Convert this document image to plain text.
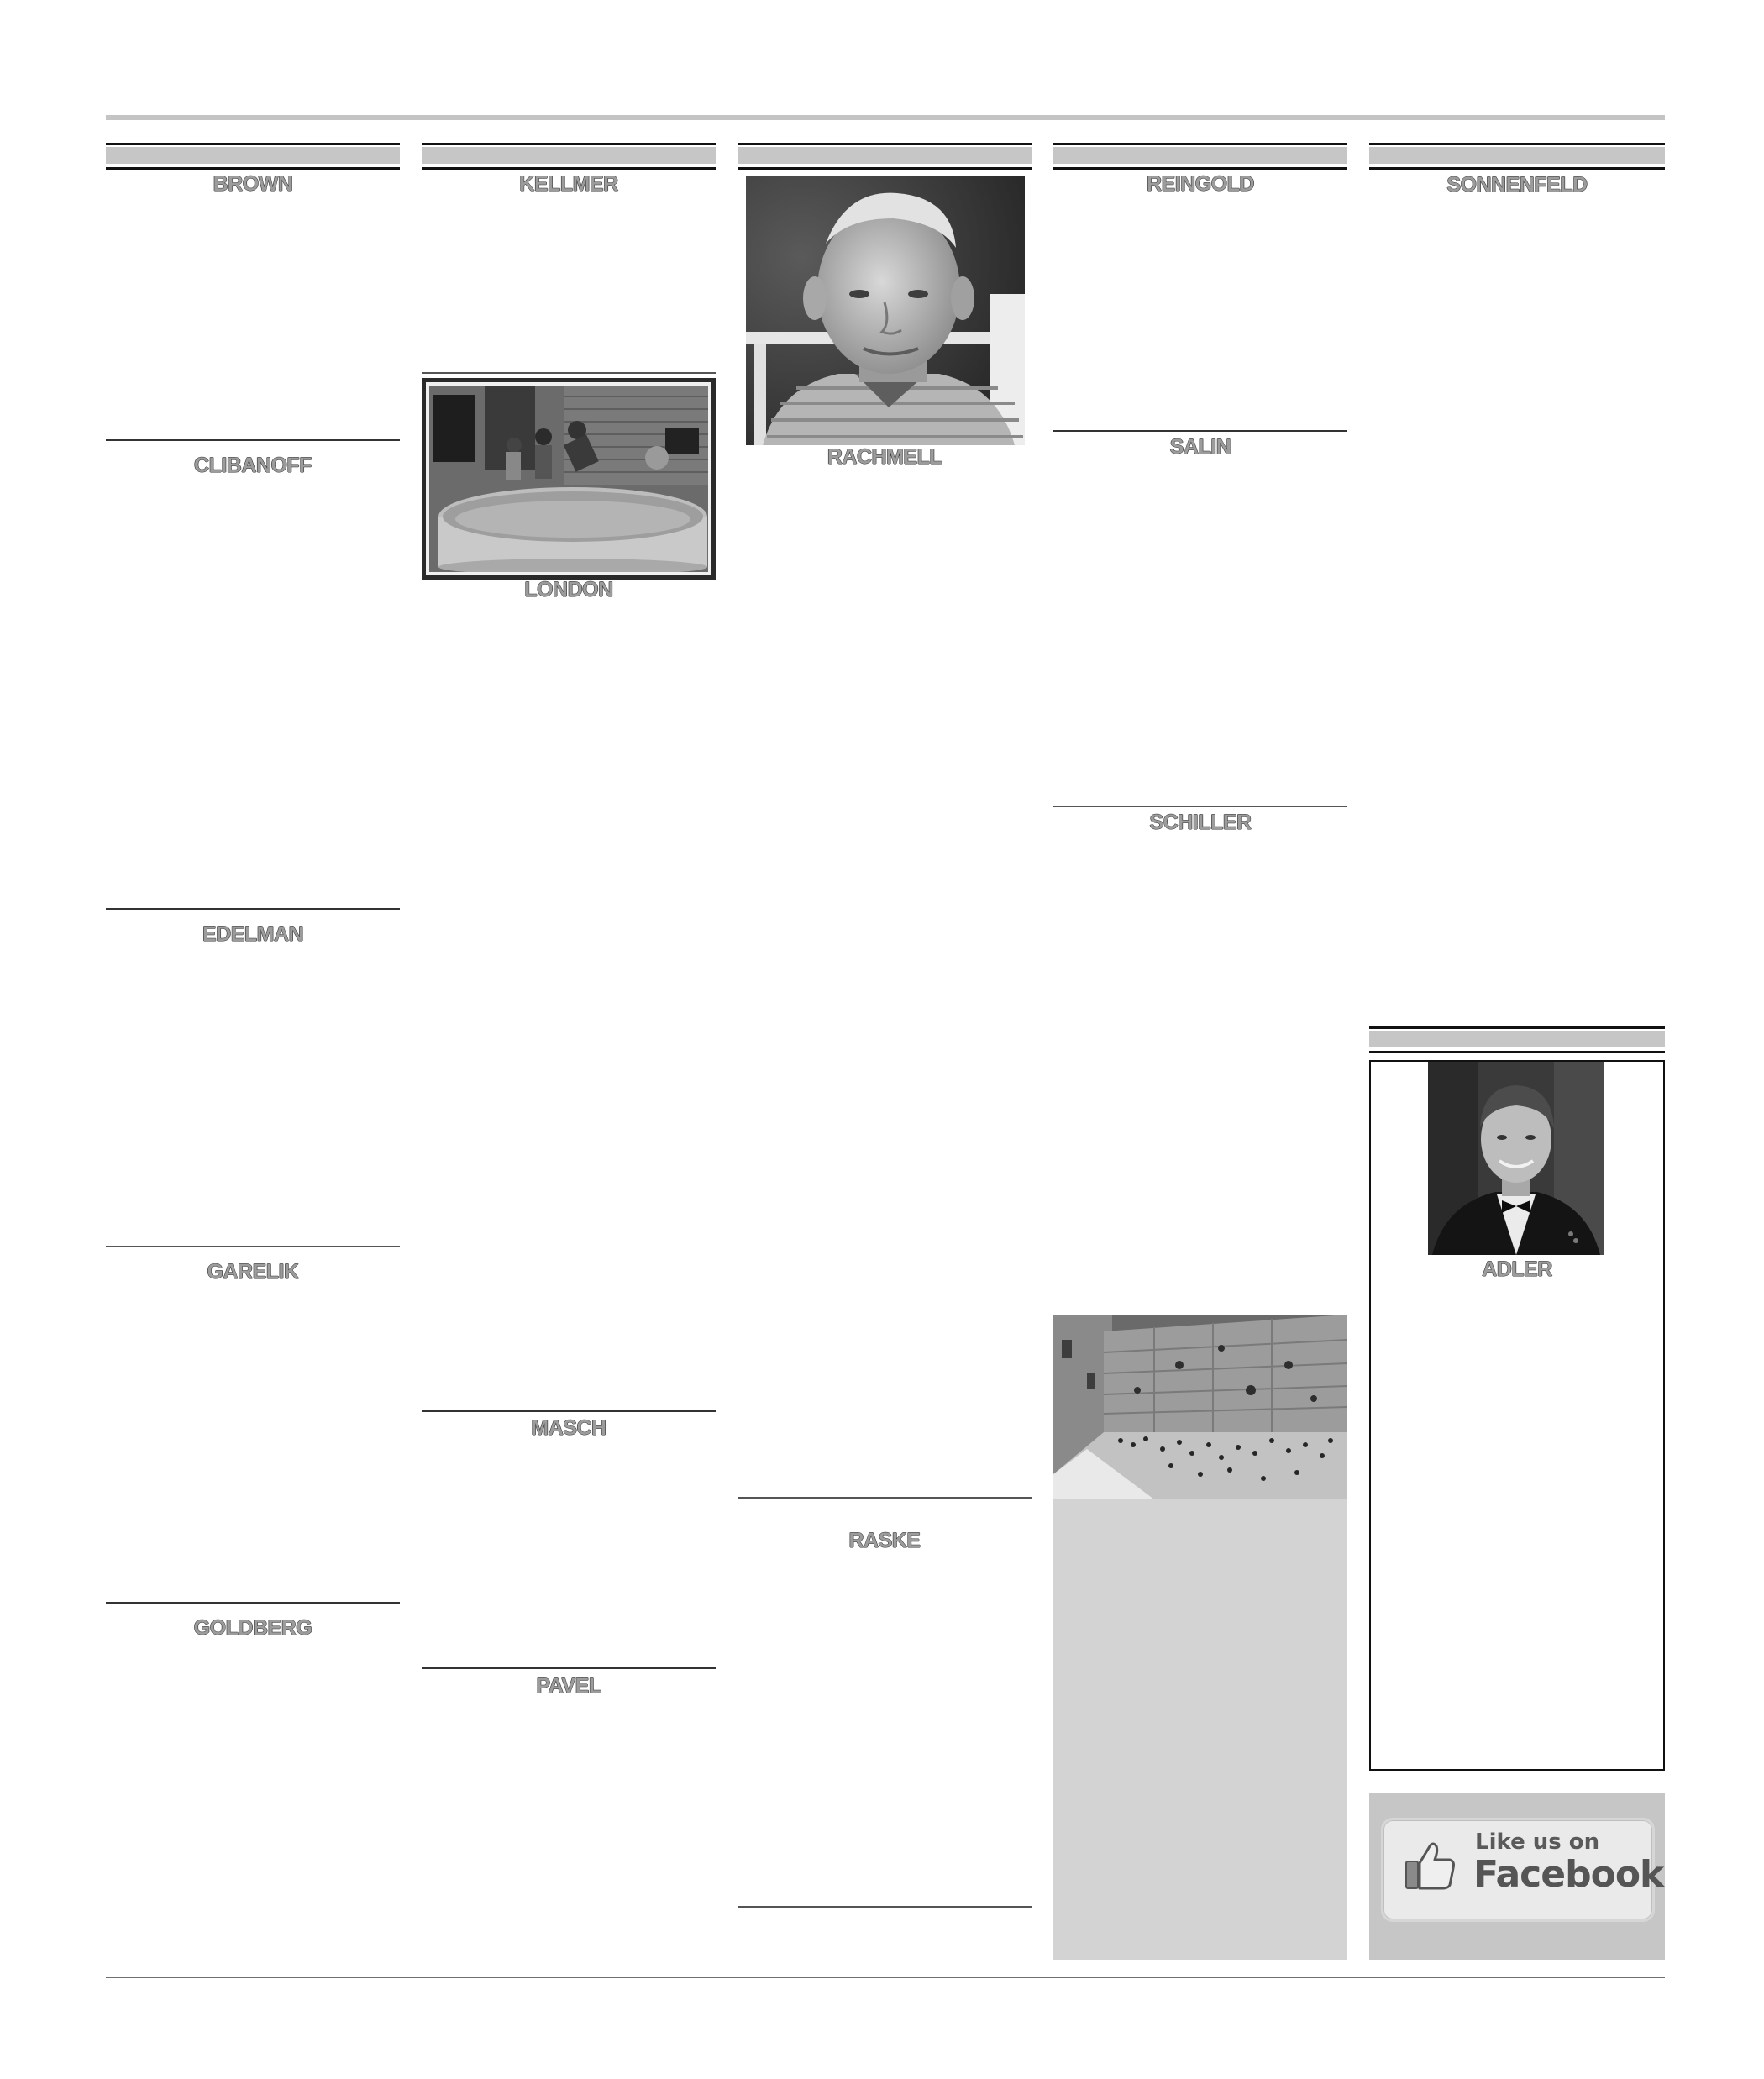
BROWN
CLIBANOFF
EDELMAN
GARELIK
GOLDBERG
KELLMER
LONDON
MASCH
PAVEL
RACHMELL
RASKE
REINGOLD
SALIN
SCHILLER
SONNENFELD
ADLER
Like us on
Facebook
